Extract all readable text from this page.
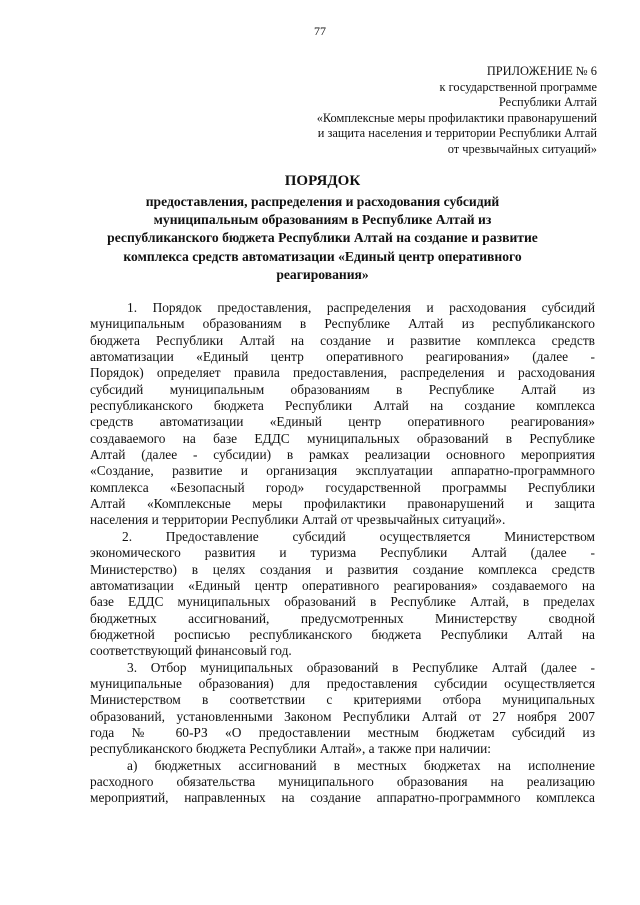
77
ПРИЛОЖЕНИЕ № 6
к государственной программе
Республики Алтай
«Комплексные меры профилактики правонарушений
и защита населения и территории Республики Алтай
от чрезвычайных ситуаций»
ПОРЯДОК
предоставления, распределения и расходования субсидий
муниципальным образованиям в Республике Алтай из
республиканского бюджета Республики Алтай на создание и развитие
комплекса средств автоматизации «Единый центр оперативного
реагирования»
1. Порядок предоставления, распределения и расходования субсидий
муниципальным образованиям в Республике Алтай из республиканского
бюджета Республики Алтай на создание и развитие комплекса средств
автоматизации «Единый центр оперативного реагирования» (далее -
Порядок) определяет правила предоставления, распределения и расходования
субсидий муниципальным образованиям в Республике Алтай из
республиканского бюджета Республики Алтай на создание комплекса
средств автоматизации «Единый центр оперативного реагирования»
создаваемого на базе ЕДДС муниципальных образований в Республике
Алтай (далее - субсидии) в рамках реализации основного мероприятия
«Создание, развитие и организация эксплуатации аппаратно-программного
комплекса «Безопасный город» государственной программы Республики
Алтай «Комплексные меры профилактики правонарушений и защита
населения и территории Республики Алтай от чрезвычайных ситуаций».
2. Предоставление субсидий осуществляется Министерством
экономического развития и туризма Республики Алтай (далее -
Министерство) в целях создания и развития создание комплекса средств
автоматизации «Единый центр оперативного реагирования» создаваемого на
базе ЕДДС муниципальных образований в Республике Алтай, в пределах
бюджетных ассигнований, предусмотренных Министерству сводной
бюджетной росписью республиканского бюджета Республики Алтай на
соответствующий финансовый год.
3. Отбор муниципальных образований в Республике Алтай (далее -
муниципальные образования) для предоставления субсидии осуществляется
Министерством в соответствии с критериями отбора муниципальных
образований, установленными Законом Республики Алтай от 27 ноября 2007
года № 60-РЗ «О предоставлении местным бюджетам субсидий из
республиканского бюджета Республики Алтай», а также при наличии:
а) бюджетных ассигнований в местных бюджетах на исполнение
расходного обязательства муниципального образования на реализацию
мероприятий, направленных на создание аппаратно-программного комплекса
